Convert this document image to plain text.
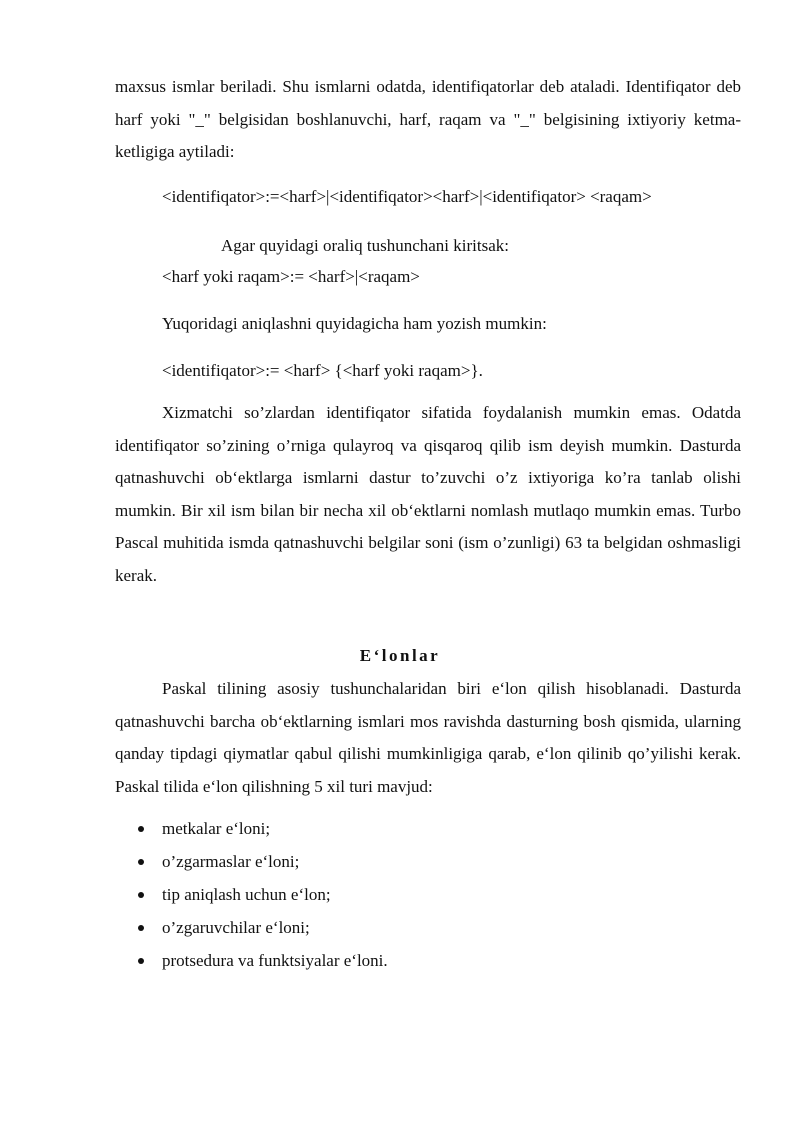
maxsus ismlar beriladi. Shu ismlarni odatda, identifiqatorlar deb ataladi. Identifiqator deb harf yoki "_" belgisidan boshlanuvchi, harf, raqam va "_" belgisining ixtiyoriy ketma-ketligiga aytiladi:

<identifiqator>:=<harf>|<identifiqator><harf>|<identifiqator> <raqam>

Agar quyidagi oraliq tushunchani kiritsak:

<harf yoki raqam>:= <harf>|<raqam>

Yuqoridagi aniqlashni quyidagicha ham yozish mumkin:

<identifiqator>:= <harf> {<harf yoki raqam>}.

Xizmatchi so’zlardan identifiqator sifatida foydalanish mumkin emas. Odatda identifiqator so’zining o’rniga qulayroq va qisqaroq qilib ism deyish mumkin. Dasturda qatnashuvchi ob‘ektlarga ismlarni dastur to’zuvchi o’z ixtiyoriga ko’ra tanlab olishi mumkin. Bir xil ism bilan bir necha xil ob‘ektlarni nomlash mutlaqo mumkin emas. Turbo Pascal muhitida ismda qatnashuvchi belgilar soni (ism o’zunligi) 63 ta belgidan oshmasligi kerak.

E‘lonlar

Paskal tilining asosiy tushunchalaridan biri e‘lon qilish hisoblanadi. Dasturda qatnashuvchi barcha ob‘ektlarning ismlari mos ravishda dasturning bosh qismida, ularning qanday tipdagi qiymatlar qabul qilishi mumkinligiga qarab, e‘lon qilinib qo’yilishi kerak. Paskal tilida e‘lon qilishning 5 xil turi mavjud:

metkalar e‘loni;
o’zgarmaslar e‘loni;
tip aniqlash uchun e‘lon;
o’zgaruvchilar e‘loni;
protsedura va funktsiyalar e‘loni.
